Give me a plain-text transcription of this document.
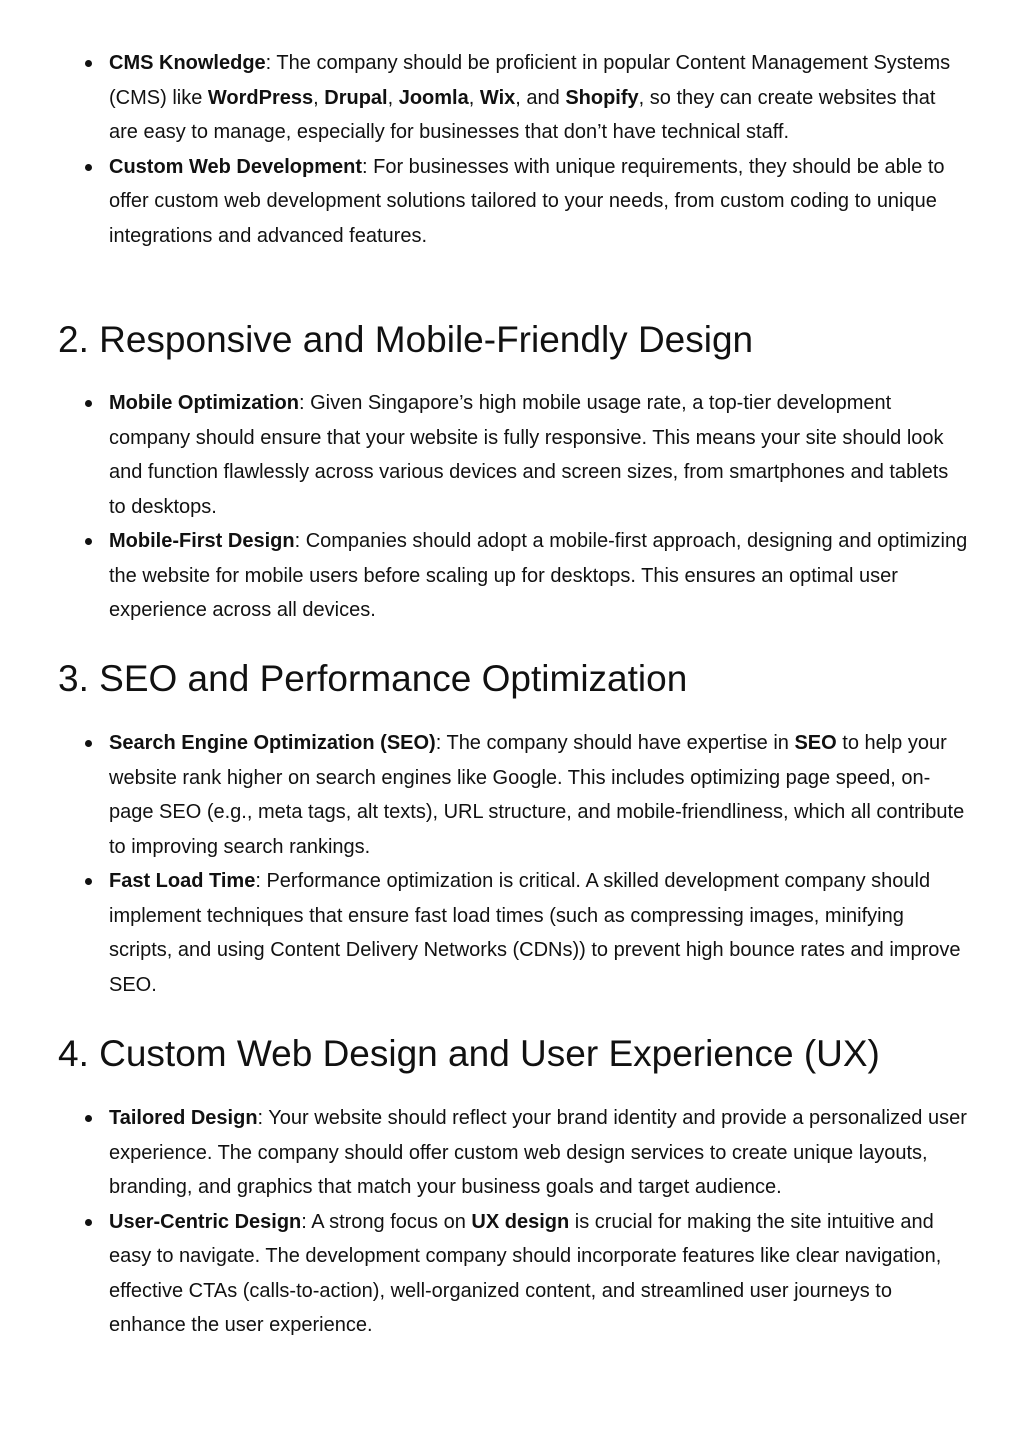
CMS Knowledge: The company should be proficient in popular Content Management Systems (CMS) like WordPress, Drupal, Joomla, Wix, and Shopify, so they can create websites that are easy to manage, especially for businesses that don’t have technical staff.
Custom Web Development: For businesses with unique requirements, they should be able to offer custom web development solutions tailored to your needs, from custom coding to unique integrations and advanced features.
2. Responsive and Mobile-Friendly Design
Mobile Optimization: Given Singapore’s high mobile usage rate, a top-tier development company should ensure that your website is fully responsive. This means your site should look and function flawlessly across various devices and screen sizes, from smartphones and tablets to desktops.
Mobile-First Design: Companies should adopt a mobile-first approach, designing and optimizing the website for mobile users before scaling up for desktops. This ensures an optimal user experience across all devices.
3. SEO and Performance Optimization
Search Engine Optimization (SEO): The company should have expertise in SEO to help your website rank higher on search engines like Google. This includes optimizing page speed, on-page SEO (e.g., meta tags, alt texts), URL structure, and mobile-friendliness, which all contribute to improving search rankings.
Fast Load Time: Performance optimization is critical. A skilled development company should implement techniques that ensure fast load times (such as compressing images, minifying scripts, and using Content Delivery Networks (CDNs)) to prevent high bounce rates and improve SEO.
4. Custom Web Design and User Experience (UX)
Tailored Design: Your website should reflect your brand identity and provide a personalized user experience. The company should offer custom web design services to create unique layouts, branding, and graphics that match your business goals and target audience.
User-Centric Design: A strong focus on UX design is crucial for making the site intuitive and easy to navigate. The development company should incorporate features like clear navigation, effective CTAs (calls-to-action), well-organized content, and streamlined user journeys to enhance the user experience.
